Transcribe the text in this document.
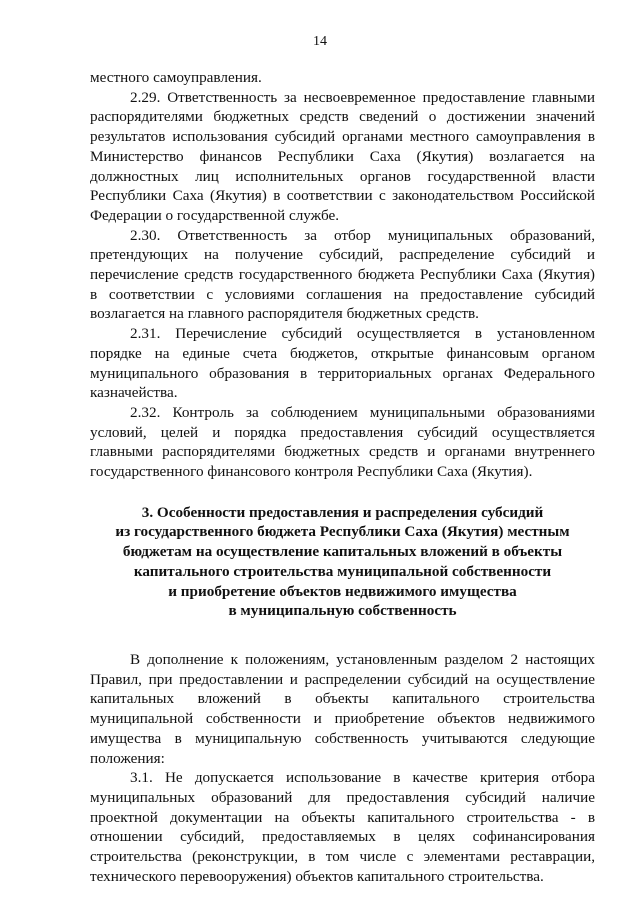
14

местного самоуправления.

2.29. Ответственность за несвоевременное предоставление главными распорядителями бюджетных средств сведений о достижении значений результатов использования субсидий органами местного самоуправления в Министерство финансов Республики Саха (Якутия) возлагается на должностных лиц исполнительных органов государственной власти Республики Саха (Якутия) в соответствии с законодательством Российской Федерации о государственной службе.

2.30. Ответственность за отбор муниципальных образований, претендующих на получение субсидий, распределение субсидий и перечисление средств государственного бюджета Республики Саха (Якутия) в соответствии с условиями соглашения на предоставление субсидий возлагается на главного распорядителя бюджетных средств.

2.31. Перечисление субсидий осуществляется в установленном порядке на единые счета бюджетов, открытые финансовым органом муниципального образования в территориальных органах Федерального казначейства.

2.32. Контроль за соблюдением муниципальными образованиями условий, целей и порядка предоставления субсидий осуществляется главными распорядителями бюджетных средств и органами внутреннего государственного финансового контроля Республики Саха (Якутия).

3. Особенности предоставления и распределения субсидий
из государственного бюджета Республики Саха (Якутия) местным
бюджетам на осуществление капитальных вложений в объекты
капитального строительства муниципальной собственности
и приобретение объектов недвижимого имущества
в муниципальную собственность

В дополнение к положениям, установленным разделом 2 настоящих Правил, при предоставлении и распределении субсидий на осуществление капитальных вложений в объекты капитального строительства муниципальной собственности и приобретение объектов недвижимого имущества в муниципальную собственность учитываются следующие положения:

3.1. Не допускается использование в качестве критерия отбора муниципальных образований для предоставления субсидий наличие проектной документации на объекты капитального строительства - в отношении субсидий, предоставляемых в целях софинансирования строительства (реконструкции, в том числе с элементами реставрации, технического перевооружения) объектов капитального строительства.
